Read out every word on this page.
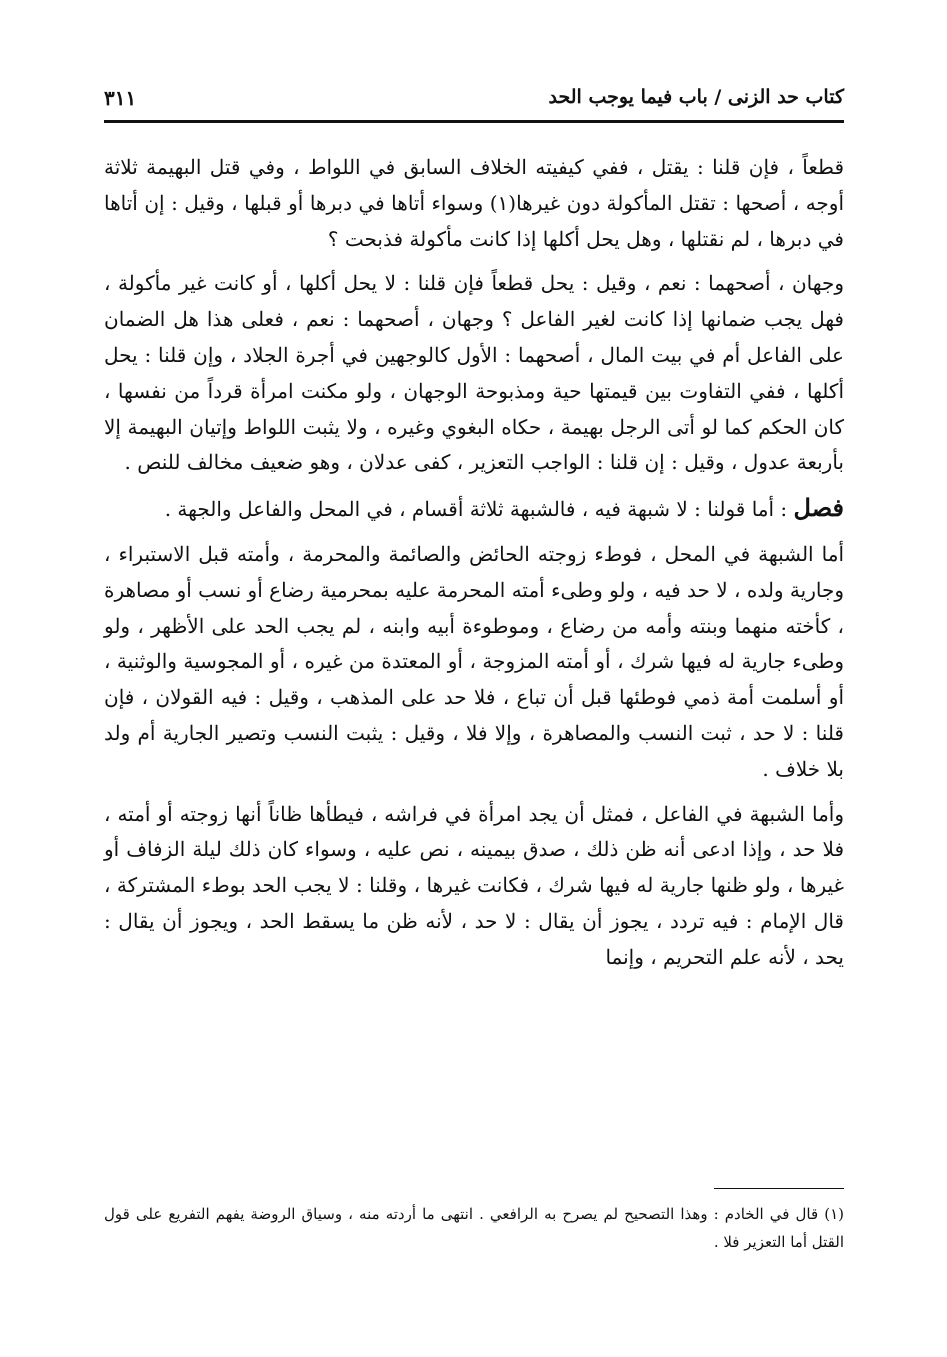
كتاب حد الزنى / باب فيما يوجب الحد
٣١١

قطعاً ، فإن قلنا : يقتل ، ففي كيفيته الخلاف السابق في اللواط ، وفي قتل البهيمة ثلاثة أوجه ، أصحها : تقتل المأكولة دون غيرها(١) وسواء أتاها في دبرها أو قبلها ، وقيل : إن أتاها في دبرها ، لم نقتلها ، وهل يحل أكلها إذا كانت مأكولة فذبحت ؟

وجهان ، أصحهما : نعم ، وقيل : يحل قطعاً فإن قلنا : لا يحل أكلها ، أو كانت غير مأكولة ، فهل يجب ضمانها إذا كانت لغير الفاعل ؟ وجهان ، أصحهما : نعم ، فعلى هذا هل الضمان على الفاعل أم في بيت المال ، أصحهما : الأول كالوجهين في أجرة الجلاد ، وإن قلنا : يحل أكلها ، ففي التفاوت بين قيمتها حية ومذبوحة الوجهان ، ولو مكنت امرأة قرداً من نفسها ، كان الحكم كما لو أتى الرجل بهيمة ، حكاه البغوي وغيره ، ولا يثبت اللواط وإتيان البهيمة إلا بأربعة عدول ، وقيل : إن قلنا : الواجب التعزير ، كفى عدلان ، وهو ضعيف مخالف للنص .

فصل : أما قولنا : لا شبهة فيه ، فالشبهة ثلاثة أقسام ، في المحل والفاعل والجهة .

أما الشبهة في المحل ، فوطء زوجته الحائض والصائمة والمحرمة ، وأمته قبل الاستبراء ، وجارية ولده ، لا حد فيه ، ولو وطىء أمته المحرمة عليه بمحرمية رضاع أو نسب أو مصاهرة ، كأخته منهما وبنته وأمه من رضاع ، وموطوءة أبيه وابنه ، لم يجب الحد على الأظهر ، ولو وطىء جارية له فيها شرك ، أو أمته المزوجة ، أو المعتدة من غيره ، أو المجوسية والوثنية ، أو أسلمت أمة ذمي فوطئها قبل أن تباع ، فلا حد على المذهب ، وقيل : فيه القولان ، فإن قلنا : لا حد ، ثبت النسب والمصاهرة ، وإلا فلا ، وقيل : يثبت النسب وتصير الجارية أم ولد بلا خلاف .

وأما الشبهة في الفاعل ، فمثل أن يجد امرأة في فراشه ، فيطأها ظاناً أنها زوجته أو أمته ، فلا حد ، وإذا ادعى أنه ظن ذلك ، صدق بيمينه ، نص عليه ، وسواء كان ذلك ليلة الزفاف أو غيرها ، ولو ظنها جارية له فيها شرك ، فكانت غيرها ، وقلنا : لا يجب الحد بوطء المشتركة ، قال الإمام : فيه تردد ، يجوز أن يقال : لا حد ، لأنه ظن ما يسقط الحد ، ويجوز أن يقال : يحد ، لأنه علم التحريم ، وإنما

(١) قال في الخادم : وهذا التصحيح لم يصرح به الرافعي . انتهى ما أردته منه ، وسياق الروضة يفهم التفريع على قول القتل أما التعزير فلا .
